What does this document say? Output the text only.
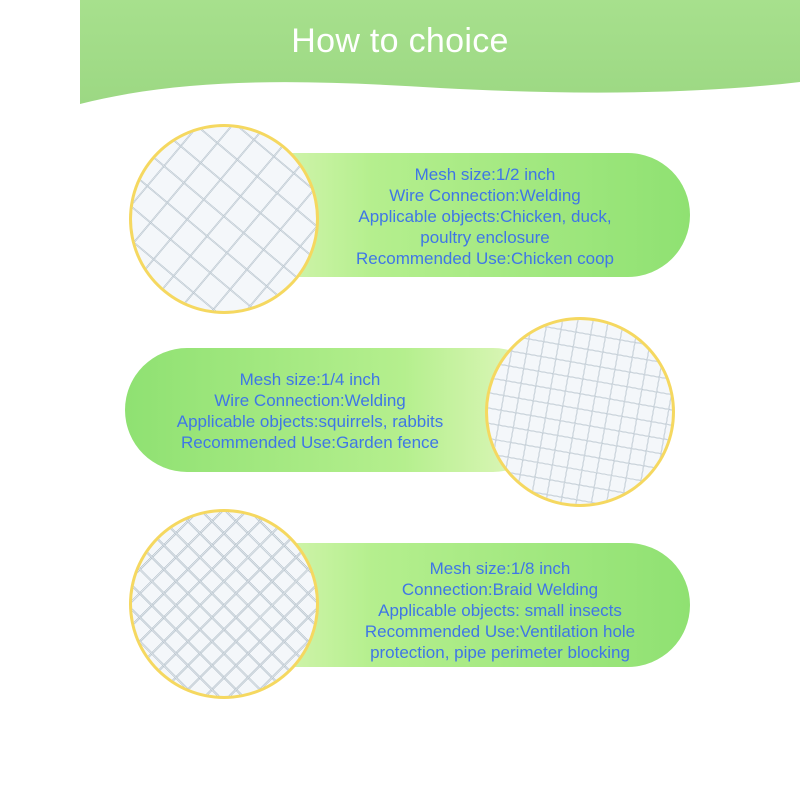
How to choice
Mesh size:1/2 inch
Wire Connection:Welding
Applicable objects:Chicken, duck,
poultry enclosure
Recommended Use:Chicken coop
Mesh size:1/4 inch
Wire Connection:Welding
Applicable objects:squirrels, rabbits
Recommended Use:Garden fence
Mesh size:1/8 inch
Connection:Braid Welding
Applicable objects: small insects
Recommended Use:Ventilation hole
protection, pipe perimeter blocking
